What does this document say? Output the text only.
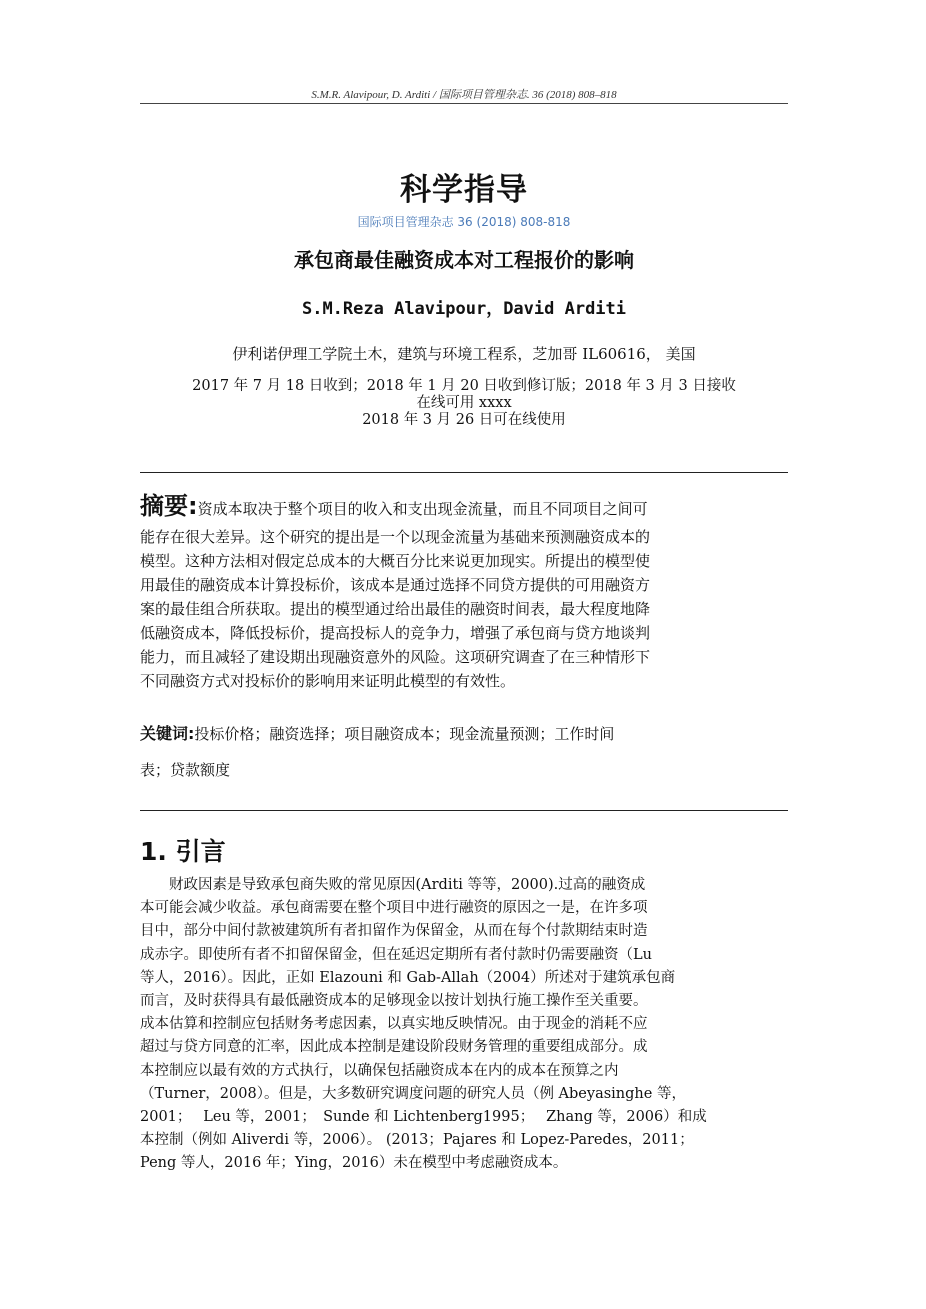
S.M.R. Alavipour, D. Arditi / 国际项目管理杂志. 36 (2018) 808–818
科学指导
国际项目管理杂志 36 (2018) 808-818
承包商最佳融资成本对工程报价的影响
S.M.Reza Alavipour，David Arditi
伊利诺伊理工学院土木，建筑与环境工程系，芝加哥 IL60616， 美国
2017 年 7 月 18 日收到；2018 年 1 月 20 日收到修订版；2018 年 3 月 3 日接收
在线可用 xxxx
2018 年 3 月 26 日可在线使用
摘要:资成本取决于整个项目的收入和支出现金流量，而且不同项目之间可
能存在很大差异。这个研究的提出是一个以现金流量为基础来预测融资成本的
模型。这种方法相对假定总成本的大概百分比来说更加现实。所提出的模型使
用最佳的融资成本计算投标价，该成本是通过选择不同贷方提供的可用融资方
案的最佳组合所获取。提出的模型通过给出最佳的融资时间表，最大程度地降
低融资成本，降低投标价，提高投标人的竞争力，增强了承包商与贷方地谈判
能力，而且减轻了建设期出现融资意外的风险。这项研究调查了在三种情形下
不同融资方式对投标价的影响用来证明此模型的有效性。
关键词:投标价格；融资选择；项目融资成本；现金流量预测；工作时间
表；贷款额度
1. 引言
　　财政因素是导致承包商失败的常见原因(Arditi 等等，2000).过高的融资成
本可能会减少收益。承包商需要在整个项目中进行融资的原因之一是，在许多项
目中，部分中间付款被建筑所有者扣留作为保留金，从而在每个付款期结束时造
成赤字。即使所有者不扣留保留金，但在延迟定期所有者付款时仍需要融资（Lu
等人，2016）。因此，正如 Elazouni 和 Gab-Allah（2004）所述对于建筑承包商
而言，及时获得具有最低融资成本的足够现金以按计划执行施工操作至关重要。
成本估算和控制应包括财务考虑因素，以真实地反映情况。由于现金的消耗不应
超过与贷方同意的汇率，因此成本控制是建设阶段财务管理的重要组成部分。成
本控制应以最有效的方式执行，以确保包括融资成本在内的成本在预算之内
（Turner，2008）。但是，大多数研究调度问题的研究人员（例 Abeyasinghe 等，
2001；　 Leu 等，2001；　Sunde 和 Lichtenberg1995；　 Zhang 等，2006）和成
本控制（例如 Aliverdi 等，2006）。 (2013；Pajares 和 Lopez-Paredes，2011；
Peng 等人，2016 年；Ying，2016）未在模型中考虑融资成本。
